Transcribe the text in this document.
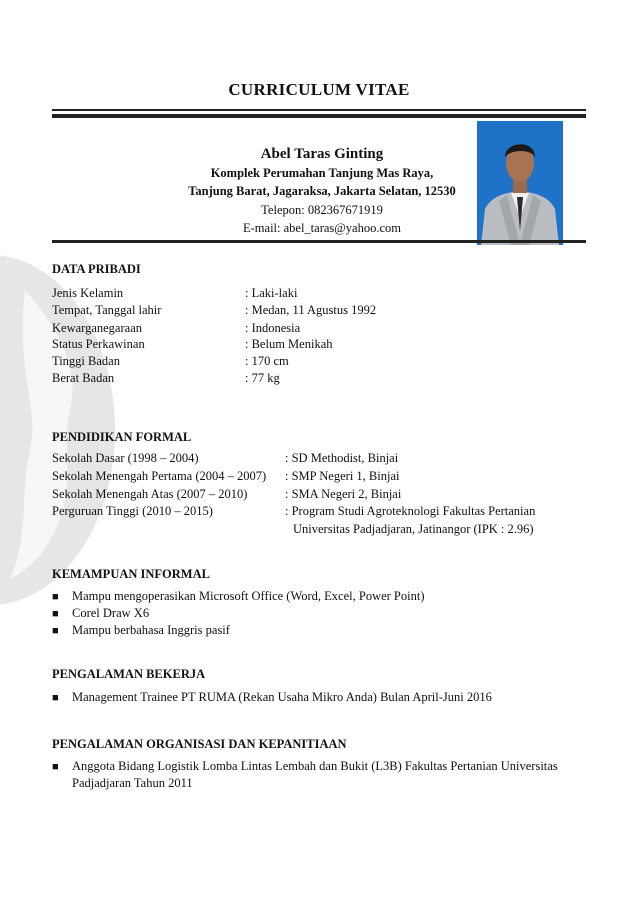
CURRICULUM VITAE
Abel Taras Ginting
Komplek Perumahan Tanjung Mas Raya,
Tanjung Barat, Jagaraksa, Jakarta Selatan, 12530
Telepon: 082367671919
E-mail: abel_taras@yahoo.com
DATA PRIBADI
Jenis Kelamin	: Laki-laki
Tempat, Tanggal lahir	: Medan, 11 Agustus 1992
Kewarganegaraan	: Indonesia
Status Perkawinan	: Belum Menikah
Tinggi Badan	: 170 cm
Berat Badan	: 77 kg
PENDIDIKAN FORMAL
Sekolah Dasar (1998 – 2004)	: SD Methodist, Binjai
Sekolah Menengah Pertama (2004 – 2007) : SMP Negeri 1, Binjai
Sekolah Menengah Atas (2007 – 2010)	: SMA Negeri 2, Binjai
Perguruan Tinggi (2010 – 2015)	: Program Studi Agroteknologi Fakultas Pertanian
Universitas Padjadjaran, Jatinangor (IPK : 2.96)
KEMAMPUAN INFORMAL
■ Mampu mengoperasikan Microsoft Office (Word, Excel, Power Point)
■ Corel Draw X6
■ Mampu berbahasa Inggris pasif
PENGALAMAN BEKERJA
■ Management Trainee PT RUMA (Rekan Usaha Mikro Anda) Bulan April-Juni 2016
PENGALAMAN ORGANISASI DAN KEPANITIAAN
■ Anggota Bidang Logistik Lomba Lintas Lembah dan Bukit (L3B) Fakultas Pertanian Universitas Padjadjaran Tahun 2011
